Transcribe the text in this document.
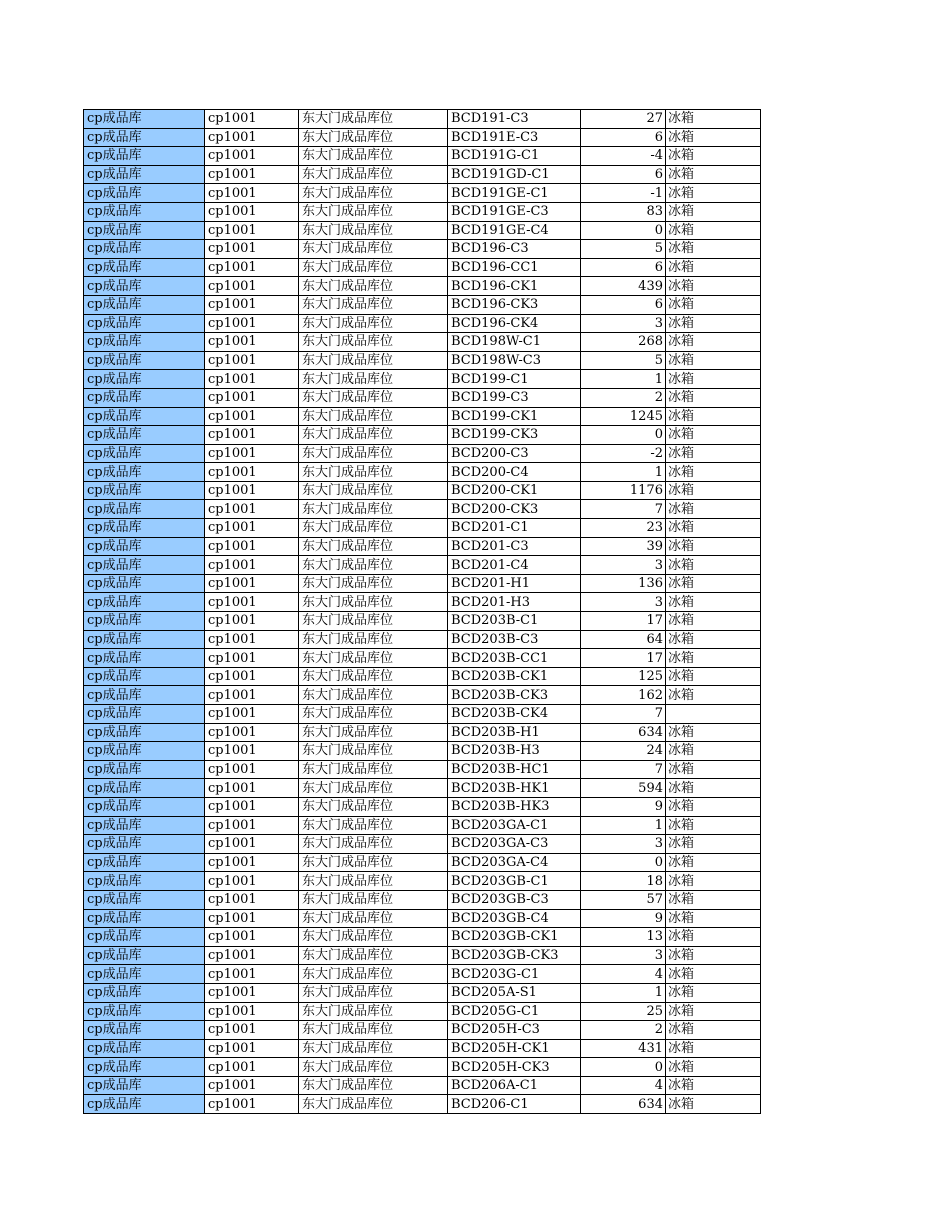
cp成品库	cp1001	东大门成品库位	BCD191-C3	27	冰箱
cp成品库	cp1001	东大门成品库位	BCD191E-C3	6	冰箱
cp成品库	cp1001	东大门成品库位	BCD191G-C1	-4	冰箱
cp成品库	cp1001	东大门成品库位	BCD191GD-C1	6	冰箱
cp成品库	cp1001	东大门成品库位	BCD191GE-C1	-1	冰箱
cp成品库	cp1001	东大门成品库位	BCD191GE-C3	83	冰箱
cp成品库	cp1001	东大门成品库位	BCD191GE-C4	0	冰箱
cp成品库	cp1001	东大门成品库位	BCD196-C3	5	冰箱
cp成品库	cp1001	东大门成品库位	BCD196-CC1	6	冰箱
cp成品库	cp1001	东大门成品库位	BCD196-CK1	439	冰箱
cp成品库	cp1001	东大门成品库位	BCD196-CK3	6	冰箱
cp成品库	cp1001	东大门成品库位	BCD196-CK4	3	冰箱
cp成品库	cp1001	东大门成品库位	BCD198W-C1	268	冰箱
cp成品库	cp1001	东大门成品库位	BCD198W-C3	5	冰箱
cp成品库	cp1001	东大门成品库位	BCD199-C1	1	冰箱
cp成品库	cp1001	东大门成品库位	BCD199-C3	2	冰箱
cp成品库	cp1001	东大门成品库位	BCD199-CK1	1245	冰箱
cp成品库	cp1001	东大门成品库位	BCD199-CK3	0	冰箱
cp成品库	cp1001	东大门成品库位	BCD200-C3	-2	冰箱
cp成品库	cp1001	东大门成品库位	BCD200-C4	1	冰箱
cp成品库	cp1001	东大门成品库位	BCD200-CK1	1176	冰箱
cp成品库	cp1001	东大门成品库位	BCD200-CK3	7	冰箱
cp成品库	cp1001	东大门成品库位	BCD201-C1	23	冰箱
cp成品库	cp1001	东大门成品库位	BCD201-C3	39	冰箱
cp成品库	cp1001	东大门成品库位	BCD201-C4	3	冰箱
cp成品库	cp1001	东大门成品库位	BCD201-H1	136	冰箱
cp成品库	cp1001	东大门成品库位	BCD201-H3	3	冰箱
cp成品库	cp1001	东大门成品库位	BCD203B-C1	17	冰箱
cp成品库	cp1001	东大门成品库位	BCD203B-C3	64	冰箱
cp成品库	cp1001	东大门成品库位	BCD203B-CC1	17	冰箱
cp成品库	cp1001	东大门成品库位	BCD203B-CK1	125	冰箱
cp成品库	cp1001	东大门成品库位	BCD203B-CK3	162	冰箱
cp成品库	cp1001	东大门成品库位	BCD203B-CK4	7	
cp成品库	cp1001	东大门成品库位	BCD203B-H1	634	冰箱
cp成品库	cp1001	东大门成品库位	BCD203B-H3	24	冰箱
cp成品库	cp1001	东大门成品库位	BCD203B-HC1	7	冰箱
cp成品库	cp1001	东大门成品库位	BCD203B-HK1	594	冰箱
cp成品库	cp1001	东大门成品库位	BCD203B-HK3	9	冰箱
cp成品库	cp1001	东大门成品库位	BCD203GA-C1	1	冰箱
cp成品库	cp1001	东大门成品库位	BCD203GA-C3	3	冰箱
cp成品库	cp1001	东大门成品库位	BCD203GA-C4	0	冰箱
cp成品库	cp1001	东大门成品库位	BCD203GB-C1	18	冰箱
cp成品库	cp1001	东大门成品库位	BCD203GB-C3	57	冰箱
cp成品库	cp1001	东大门成品库位	BCD203GB-C4	9	冰箱
cp成品库	cp1001	东大门成品库位	BCD203GB-CK1	13	冰箱
cp成品库	cp1001	东大门成品库位	BCD203GB-CK3	3	冰箱
cp成品库	cp1001	东大门成品库位	BCD203G-C1	4	冰箱
cp成品库	cp1001	东大门成品库位	BCD205A-S1	1	冰箱
cp成品库	cp1001	东大门成品库位	BCD205G-C1	25	冰箱
cp成品库	cp1001	东大门成品库位	BCD205H-C3	2	冰箱
cp成品库	cp1001	东大门成品库位	BCD205H-CK1	431	冰箱
cp成品库	cp1001	东大门成品库位	BCD205H-CK3	0	冰箱
cp成品库	cp1001	东大门成品库位	BCD206A-C1	4	冰箱
cp成品库	cp1001	东大门成品库位	BCD206-C1	634	冰箱
